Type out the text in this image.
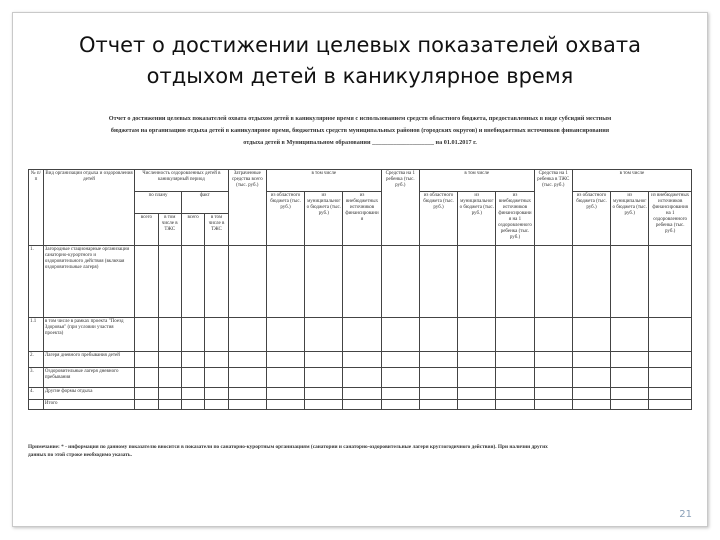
Отчет о достижении целевых показателей охвата
отдыхом детей в каникулярное время
Отчет о достижении целевых показателей охвата отдыхом детей в каникулярное время с использованием средств областного бюджета, предоставленных в виде субсидий местным
бюджетам на организацию отдыха детей в каникулярное время, бюджетных средств муниципальных районов (городских округов) и внебюджетных источников финансирования
отдыха детей в Муниципальном образовании ____________________ на 01.01.2017 г.
№ п/п	Вид организации отдыха и оздоровления детей	Численность оздоровленных детей в каникулярный период				Затраченные средства всего (тыс. руб.)	в том числе			Средства на 1 ребенка (тыс. руб.)	в том числе			Средства на 1 ребенка в ТЖС (тыс. руб.)	в том числе		
		по плану		факт			из областного бюджета (тыс. руб.)	из муниципального бюджета (тыс. руб.)	из внебюджетных источников финансирования		из областного бюджета (тыс. руб.)	из муниципального бюджета (тыс. руб.)	из внебюджетных источников финансирования на 1 оздоровленного ребенка (тыс. руб.)		из областного бюджета (тыс. руб.)	из муниципального бюджета (тыс. руб.)	из внебюджетных источников финансирования на 1 оздоровленного ребенка (тыс. руб.)
		всего	в том числе в ТЖС	всего	в том числе в ТЖС												
1.	Загородные стационарные организации санаторно-курортного и оздоровительного действия (включая оздоровительные лагеря)																
1.1	в том числе в рамках проекта "Поезд Здоровья" (при условии участия проекта)																
2.	Лагеря дневного пребывания детей																
3.	Оздоровительные лагеря дневного пребывания																
4.	Другие формы отдыха																
	Итого																
Примечание: * - информация по данному показателю вносится в показатели по санаторно-курортным организациям (санатории и санаторно-оздоровительные лагеря круглогодичного действия). При наличии других
данных по этой строке необходимо указать.
21
